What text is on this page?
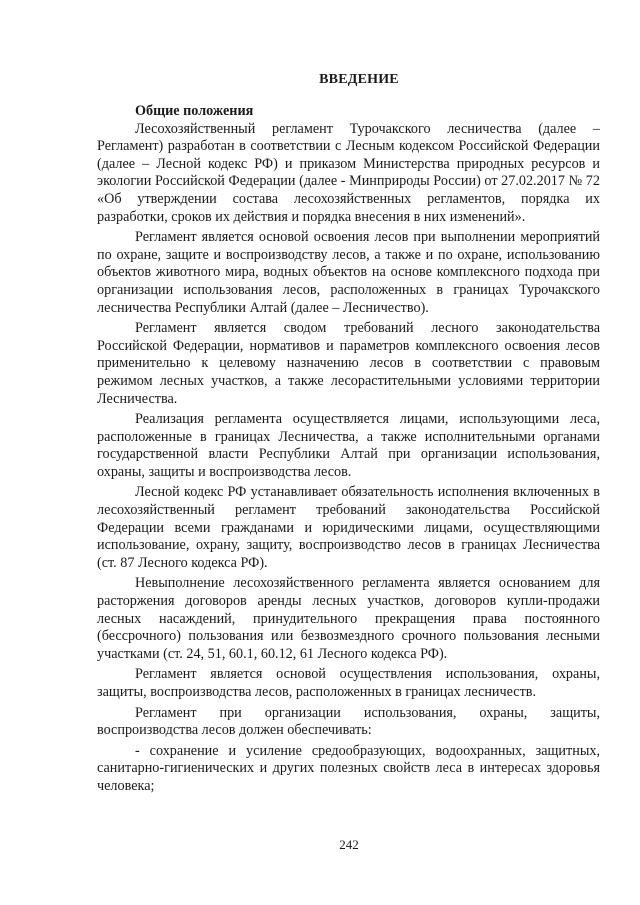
ВВЕДЕНИЕ

Общие положения

Лесохозяйственный регламент Турочакского лесничества (далее – Регламент) разработан в соответствии с Лесным кодексом Российской Федерации (далее – Лесной кодекс РФ) и приказом Министерства природных ресурсов и экологии Российской Федерации (далее - Минприроды России) от 27.02.2017 № 72 «Об утверждении состава лесохозяйственных регламентов, порядка их разработки, сроков их действия и порядка внесения в них изменений».

Регламент является основой освоения лесов при выполнении мероприятий по охране, защите и воспроизводству лесов, а также и по охране, использованию объектов животного мира, водных объектов на основе комплексного подхода при организации использования лесов, расположенных в границах Турочакского лесничества Республики Алтай (далее – Лесничество).

Регламент является сводом требований лесного законодательства Российской Федерации, нормативов и параметров комплексного освоения лесов применительно к целевому назначению лесов в соответствии с правовым режимом лесных участков, а также лесорастительными условиями территории Лесничества.

Реализация регламента осуществляется лицами, использующими леса, расположенные в границах Лесничества, а также исполнительными органами государственной власти Республики Алтай при организации использования, охраны, защиты и воспроизводства лесов.

Лесной кодекс РФ устанавливает обязательность исполнения включенных в лесохозяйственный регламент требований законодательства Российской Федерации всеми гражданами и юридическими лицами, осуществляющими использование, охрану, защиту, воспроизводство лесов в границах Лесничества (ст. 87 Лесного кодекса РФ).

Невыполнение лесохозяйственного регламента является основанием для расторжения договоров аренды лесных участков, договоров купли-продажи лесных насаждений, принудительного прекращения права постоянного (бессрочного) пользования или безвозмездного срочного пользования лесными участками (ст. 24, 51, 60.1, 60.12, 61 Лесного кодекса РФ).

Регламент является основой осуществления использования, охраны, защиты, воспроизводства лесов, расположенных в границах лесничеств.

Регламент при организации использования, охраны, защиты, воспроизводства лесов должен обеспечивать:

- сохранение и усиление средообразующих, водоохранных, защитных, санитарно-гигиенических и других полезных свойств леса в интересах здоровья человека;

242
